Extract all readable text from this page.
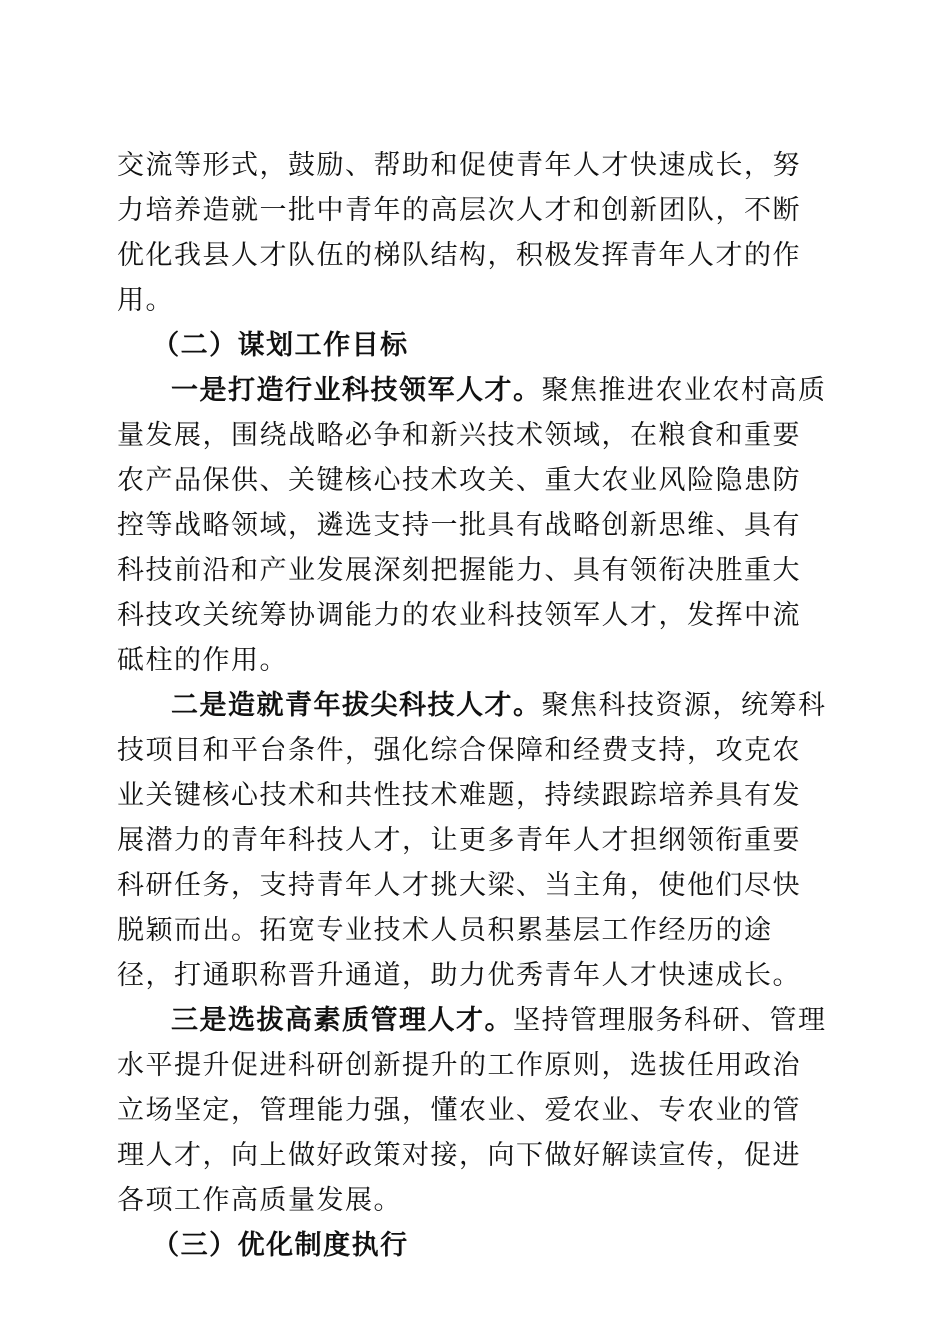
交流等形式，鼓励、帮助和促使青年人才快速成长，努力培养造就一批中青年的高层次人才和创新团队，不断优化我县人才队伍的梯队结构，积极发挥青年人才的作用。

（二）谋划工作目标

一是打造行业科技领军人才。聚焦推进农业农村高质量发展，围绕战略必争和新兴技术领域，在粮食和重要农产品保供、关键核心技术攻关、重大农业风险隐患防控等战略领域，遴选支持一批具有战略创新思维、具有科技前沿和产业发展深刻把握能力、具有领衔决胜重大科技攻关统筹协调能力的农业科技领军人才，发挥中流砥柱的作用。

二是造就青年拔尖科技人才。聚焦科技资源，统筹科技项目和平台条件，强化综合保障和经费支持，攻克农业关键核心技术和共性技术难题，持续跟踪培养具有发展潜力的青年科技人才，让更多青年人才担纲领衔重要科研任务，支持青年人才挑大梁、当主角，使他们尽快脱颖而出。拓宽专业技术人员积累基层工作经历的途径，打通职称晋升通道，助力优秀青年人才快速成长。

三是选拔高素质管理人才。坚持管理服务科研、管理水平提升促进科研创新提升的工作原则，选拔任用政治立场坚定，管理能力强，懂农业、爱农业、专农业的管理人才，向上做好政策对接，向下做好解读宣传，促进各项工作高质量发展。

（三）优化制度执行
